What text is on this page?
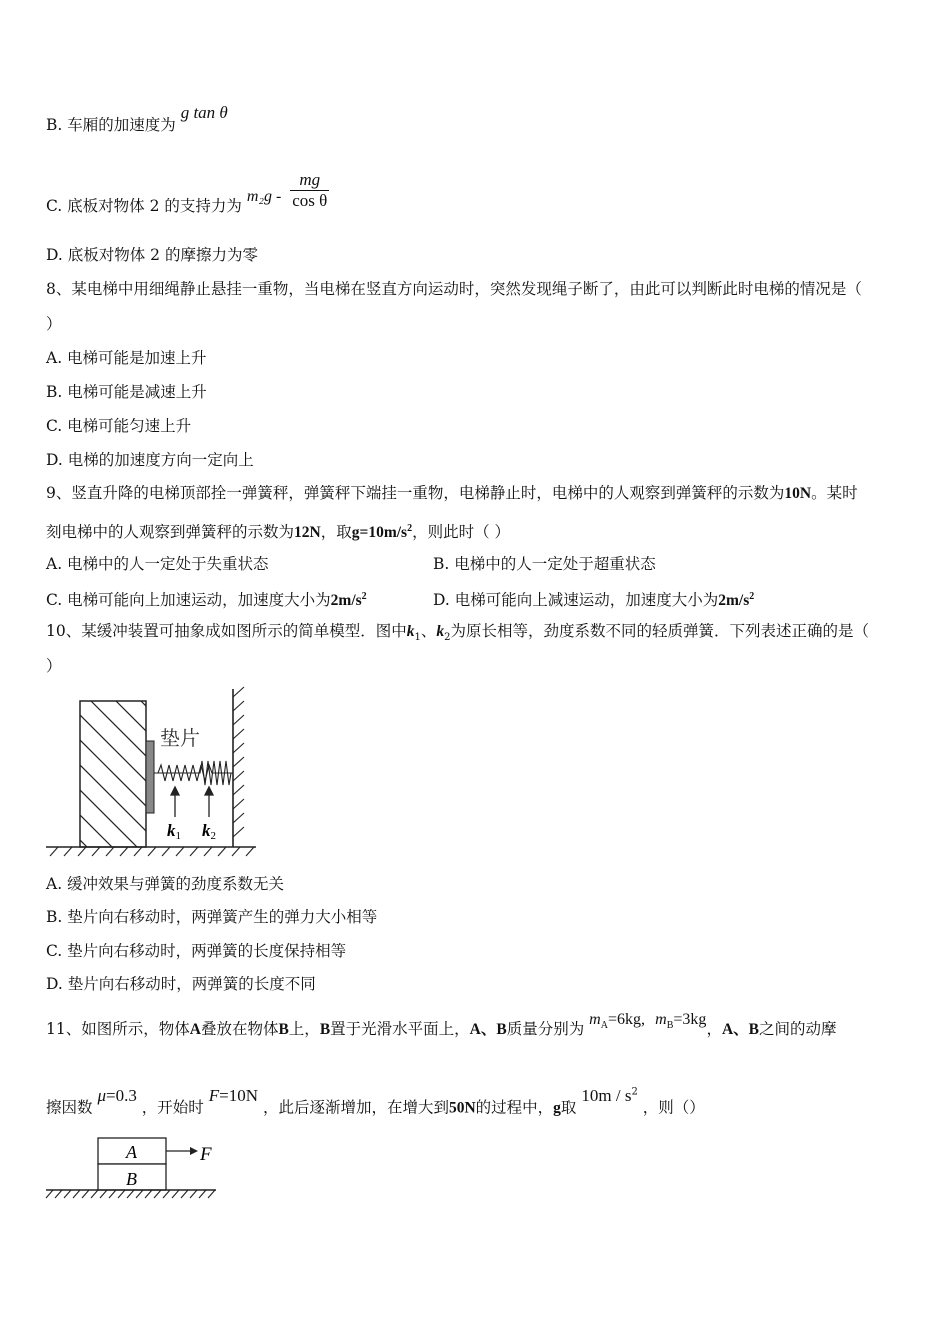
B. 车厢的加速度为 g tan θ
C. 底板对物体 2 的支持力为 $m_2g - \frac{mg}{\text{cos θ}}$
D. 底板对物体 2 的摩擦力为零
8、某电梯中用细绳静止悬挂一重物，当电梯在竖直方向运动时，突然发现绳子断了，由此可以判断此时电梯的情况是（
）
A. 电梯可能是加速上升
B. 电梯可能是减速上升
C. 电梯可能匀速上升
D. 电梯的加速度方向一定向上
9、竖直升降的电梯顶部拴一弹簧秤，弹簧秤下端挂一重物，电梯静止时，电梯中的人观察到弹簧秤的示数为10N。某时
刻电梯中的人观察到弹簧秤的示数为12N，取$g=10m/s^2$，则此时（ ）
A. 电梯中的人一定处于失重状态	B. 电梯中的人一定处于超重状态
C. 电梯可能向上加速运动，加速度大小为$2m/s^2$	D. 电梯可能向上减速运动，加速度大小为$2m/s^2$
10、某缓冲装置可抽象成如图所示的简单模型．图中$k_1$、$k_2$为原长相等，劲度系数不同的轻质弹簧．下列表述正确的是（
）
垫片
k1 k2
A. 缓冲效果与弹簧的劲度系数无关
B. 垫片向右移动时，两弹簧产生的弹力大小相等
C. 垫片向右移动时，两弹簧的长度保持相等
D. 垫片向右移动时，两弹簧的长度不同
11、如图所示，物体A叠放在物体B上，B置于光滑水平面上，A、B质量分别为 $m_A=6kg$, $m_B=3kg$，A、B之间的动摩
擦因数 μ=0.3 ，开始时 F=10N ，此后逐渐增加，在增大到50N的过程中，g取 $10m / s^2$ ，则（）
A
B
F
